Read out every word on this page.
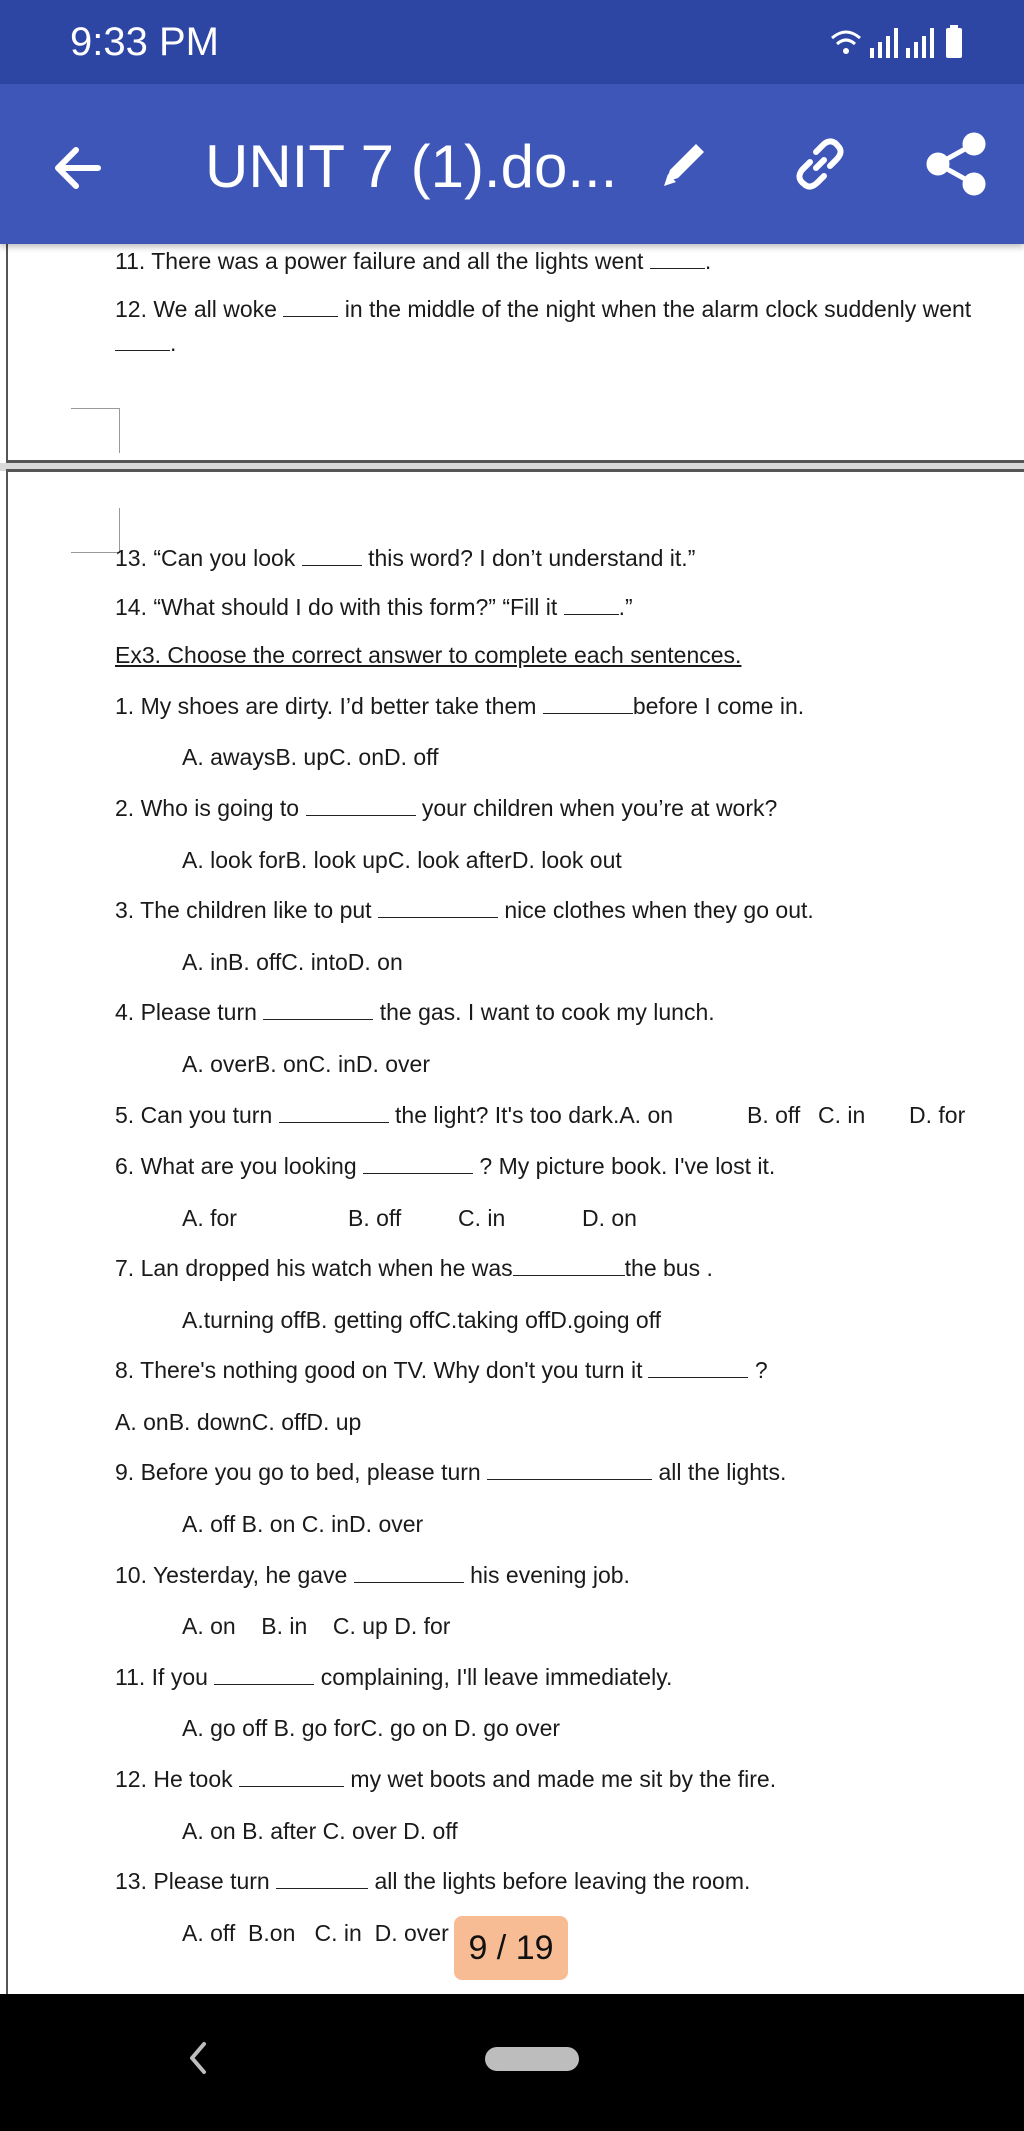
9:33 PM
UNIT 7 (1).do...
11. There was a power failure and all the lights went	.
12. We all woke	in the middle of the night when the alarm clock suddenly went
.
13. “Can you look	this word? I don’t understand it.”
14. “What should I do with this form?” “Fill it	.”
Ex3. Choose the correct answer to complete each sentences.
1. My shoes are dirty. I’d better take them	before I come in.
A. awaysB. upC. onD. off
2. Who is going to	your children when you’re at work?
A. look forB. look upC. look afterD. look out
3. The children like to put	nice clothes when they go out.
A. inB. offC. intoD. on
4. Please turn	the gas. I want to cook my lunch.
A. overB. onC. inD. over
5. Can you turn	the light? It's too dark.A. on	B. off C. in D. for
6. What are you looking	? My picture book. I've lost it.
A. for	B. off C. in	D. on
7. Lan dropped his watch when he was	the bus .
A.turning offB. getting offC.taking offD.going off
8. There's nothing good on TV. Why don't you turn it	?
A. onB. downC. offD. up
9. Before you go to bed, please turn	all the lights.
A. off B. on C. inD. over
10. Yesterday, he gave	his evening job.
A. on    B. in    C. up D. for
11. If you	complaining, I'll leave immediately.
A. go off B. go forC. go on D. go over
12. He took	my wet boots and made me sit by the fire.
A. on B. after C. over D. off
13. Please turn	all the lights before leaving the room.
A. off  B.on   C. in  D. over 9 / 19
